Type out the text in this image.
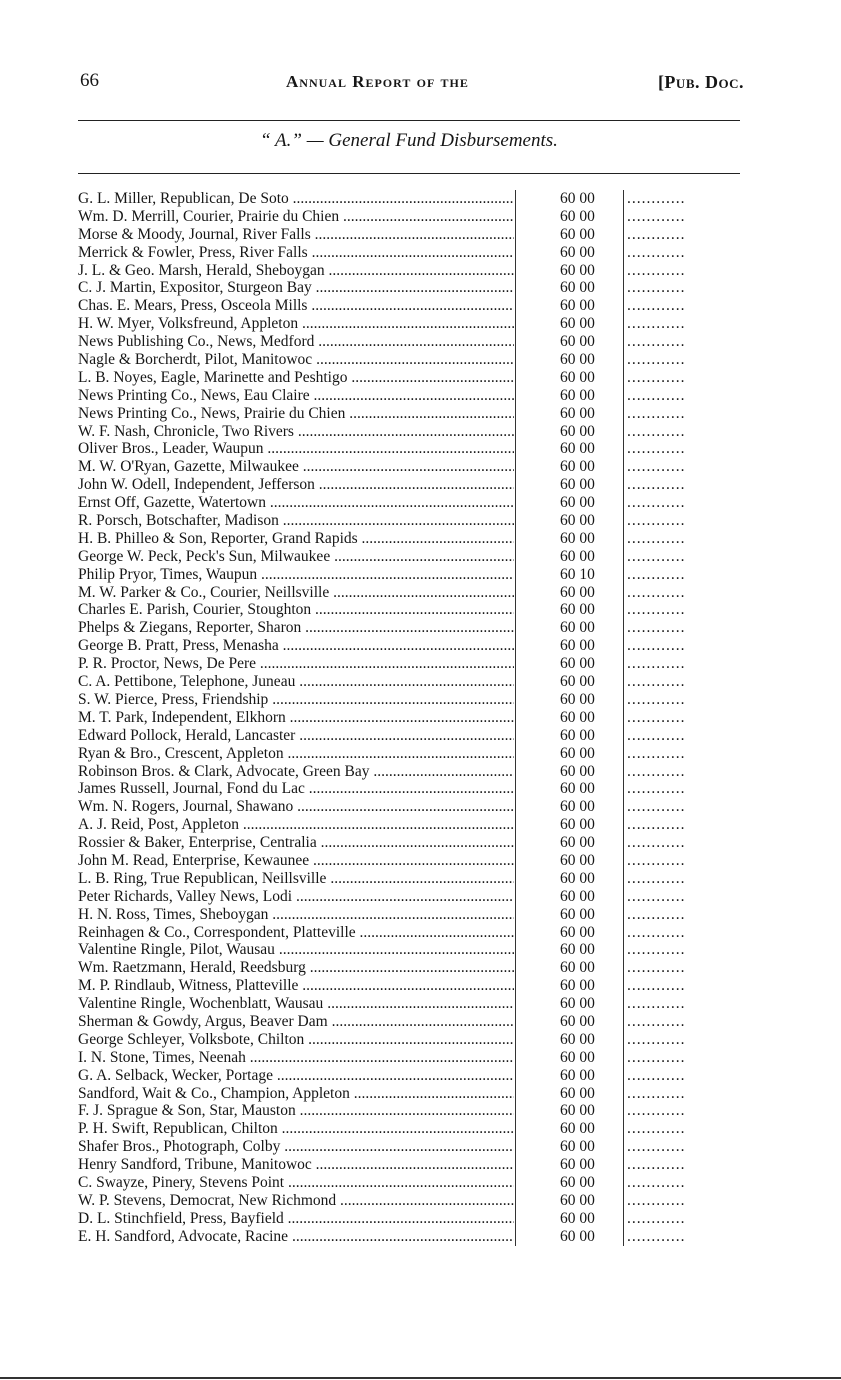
66	Annual Report of the	[Pub. Doc.
“ A.” — General Fund Disbursements.
G. L. Miller, Republican, De Soto .....	60 00	............
Wm. D. Merrill, Courier, Prairie du Chien .....	60 00	............
Morse & Moody, Journal, River Falls .....	60 00	............
Merrick & Fowler, Press, River Falls .....	60 00	............
J. L. & Geo. Marsh, Herald, Sheboygan .....	60 00	............
C. J. Martin, Expositor, Sturgeon Bay .....	60 00	............
Chas. E. Mears, Press, Osceola Mills .....	60 00	............
H. W. Myer, Volksfreund, Appleton .....	60 00	............
News Publishing Co., News, Medford .....	60 00	............
Nagle & Borcherdt, Pilot, Manitowoc .....	60 00	............
L. B. Noyes, Eagle, Marinette and Peshtigo .....	60 00	............
News Printing Co., News, Eau Claire .....	60 00	............
News Printing Co., News, Prairie du Chien .....	60 00	............
W. F. Nash, Chronicle, Two Rivers .....	60 00	............
Oliver Bros., Leader, Waupun .....	60 00	............
M. W. O'Ryan, Gazette, Milwaukee .....	60 00	............
John W. Odell, Independent, Jefferson .....	60 00	............
Ernst Off, Gazette, Watertown .....	60 00	............
R. Porsch, Botschafter, Madison .....	60 00	............
H. B. Philleo & Son, Reporter, Grand Rapids .....	60 00	............
George W. Peck, Peck's Sun, Milwaukee .....	60 00	............
Philip Pryor, Times, Waupun .....	60 10	............
M. W. Parker & Co., Courier, Neillsville .....	60 00	............
Charles E. Parish, Courier, Stoughton .....	60 00	............
Phelps & Ziegans, Reporter, Sharon .....	60 00	............
George B. Pratt, Press, Menasha .....	60 00	............
P. R. Proctor, News, De Pere .....	60 00	............
C. A. Pettibone, Telephone, Juneau .....	60 00	............
S. W. Pierce, Press, Friendship .....	60 00	............
M. T. Park, Independent, Elkhorn .....	60 00	............
Edward Pollock, Herald, Lancaster .....	60 00	............
Ryan & Bro., Crescent, Appleton .....	60 00	............
Robinson Bros. & Clark, Advocate, Green Bay .....	60 00	............
James Russell, Journal, Fond du Lac .....	60 00	............
Wm. N. Rogers, Journal, Shawano .....	60 00	............
A. J. Reid, Post, Appleton .....	60 00	............
Rossier & Baker, Enterprise, Centralia .....	60 00	............
John M. Read, Enterprise, Kewaunee .....	60 00	............
L. B. Ring, True Republican, Neillsville .....	60 00	............
Peter Richards, Valley News, Lodi .....	60 00	............
H. N. Ross, Times, Sheboygan .....	60 00	............
Reinhagen & Co., Correspondent, Platteville .....	60 00	............
Valentine Ringle, Pilot, Wausau .....	60 00	............
Wm. Raetzmann, Herald, Reedsburg .....	60 00	............
M. P. Rindlaub, Witness, Platteville .....	60 00	............
Valentine Ringle, Wochenblatt, Wausau .....	60 00	............
Sherman & Gowdy, Argus, Beaver Dam .....	60 00	............
George Schleyer, Volksbote, Chilton .....	60 00	............
I. N. Stone, Times, Neenah .....	60 00	............
G. A. Selback, Wecker, Portage .....	60 00	............
Sandford, Wait & Co., Champion, Appleton .....	60 00	............
F. J. Sprague & Son, Star, Mauston .....	60 00	............
P. H. Swift, Republican, Chilton .....	60 00	............
Shafer Bros., Photograph, Colby .....	60 00	............
Henry Sandford, Tribune, Manitowoc .....	60 00	............
C. Swayze, Pinery, Stevens Point .....	60 00	............
W. P. Stevens, Democrat, New Richmond .....	60 00	............
D. L. Stinchfield, Press, Bayfield .....	60 00	............
E. H. Sandford, Advocate, Racine .....	60 00	............
